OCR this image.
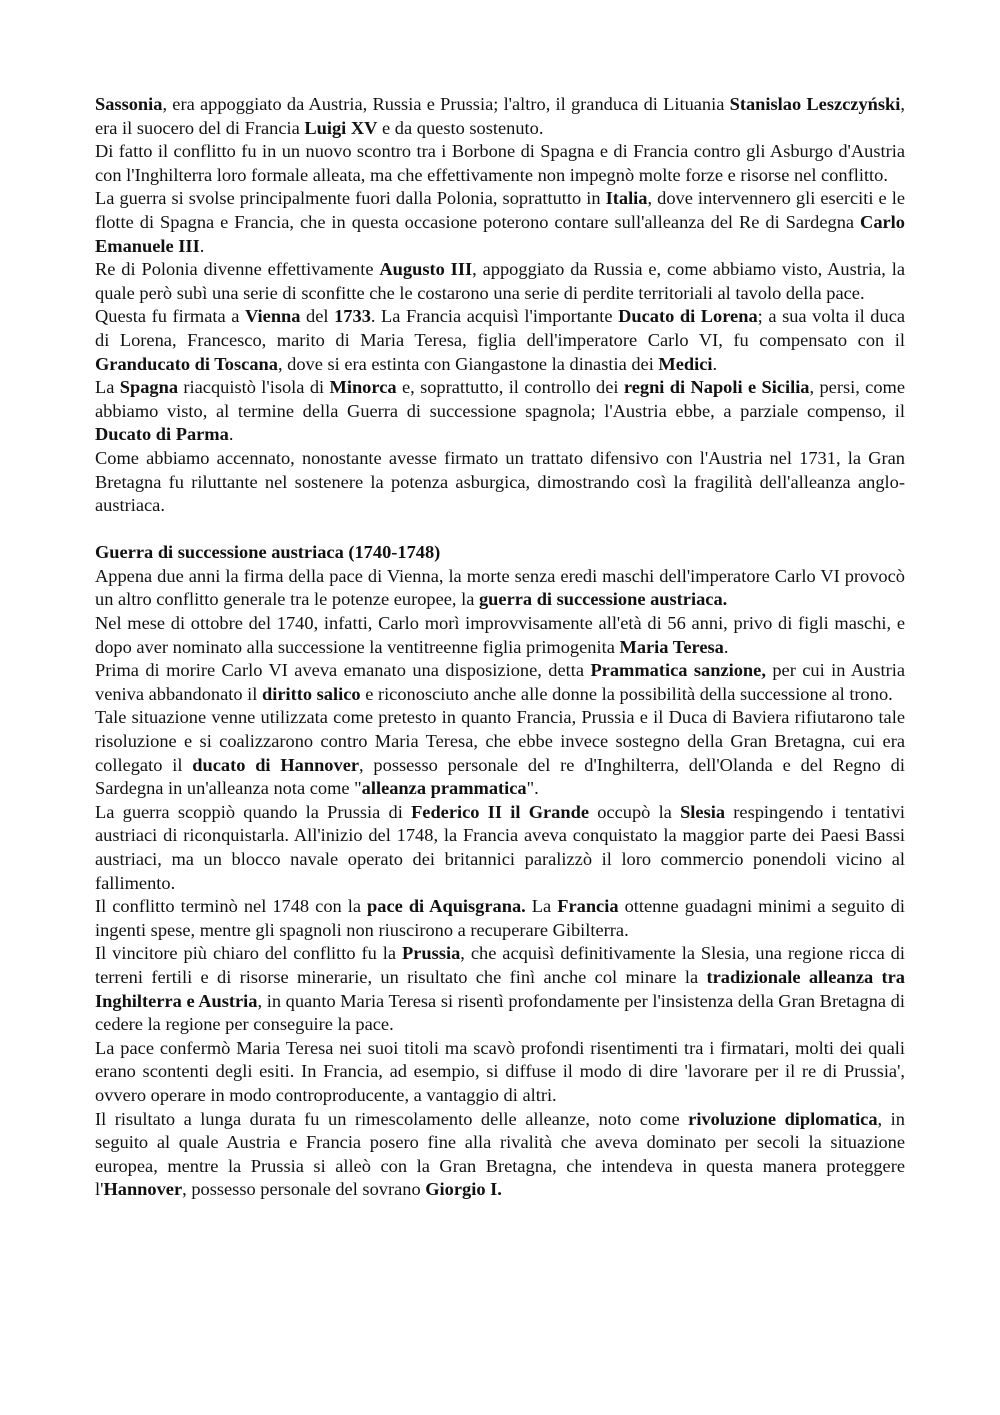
Sassonia, era appoggiato da Austria, Russia e Prussia; l'altro, il granduca di Lituania Stanislao Leszczyński, era il suocero del di Francia Luigi XV e da questo sostenuto.

Di fatto il conflitto fu in un nuovo scontro tra i Borbone di Spagna e di Francia contro gli Asburgo d'Austria con l'Inghilterra loro formale alleata, ma che effettivamente non impegnò molte forze e risorse nel conflitto.

La guerra si svolse principalmente fuori dalla Polonia, soprattutto in Italia, dove intervennero gli eserciti e le flotte di Spagna e Francia, che in questa occasione poterono contare sull'alleanza del Re di Sardegna Carlo Emanuele III.

Re di Polonia divenne effettivamente Augusto III, appoggiato da Russia e, come abbiamo visto, Austria, la quale però subì una serie di sconfitte che le costarono una serie di perdite territoriali al tavolo della pace.

Questa fu firmata a Vienna del 1733. La Francia acquisì l'importante Ducato di Lorena; a sua volta il duca di Lorena, Francesco, marito di Maria Teresa, figlia dell'imperatore Carlo VI, fu compensato con il Granducato di Toscana, dove si era estinta con Giangastone la dinastia dei Medici.

La Spagna riacquistò l'isola di Minorca e, soprattutto, il controllo dei regni di Napoli e Sicilia, persi, come abbiamo visto, al termine della Guerra di successione spagnola; l'Austria ebbe, a parziale compenso, il Ducato di Parma.

Come abbiamo accennato, nonostante avesse firmato un trattato difensivo con l'Austria nel 1731, la Gran Bretagna fu riluttante nel sostenere la potenza asburgica, dimostrando così la fragilità dell'alleanza anglo-austriaca.

Guerra di successione austriaca (1740-1748)

Appena due anni la firma della pace di Vienna, la morte senza eredi maschi dell'imperatore Carlo VI provocò un altro conflitto generale tra le potenze europee, la guerra di successione austriaca.

Nel mese di ottobre del 1740, infatti, Carlo morì improvvisamente all'età di 56 anni, privo di figli maschi, e dopo aver nominato alla successione la ventitreenne figlia primogenita Maria Teresa.

Prima di morire Carlo VI aveva emanato una disposizione, detta Prammatica sanzione, per cui in Austria veniva abbandonato il diritto salico e riconosciuto anche alle donne la possibilità della successione al trono.

Tale situazione venne utilizzata come pretesto in quanto Francia, Prussia e il Duca di Baviera rifiutarono tale risoluzione e si coalizzarono contro Maria Teresa, che ebbe invece sostegno della Gran Bretagna, cui era collegato il ducato di Hannover, possesso personale del re d'Inghilterra, dell'Olanda e del Regno di Sardegna in un'alleanza nota come "alleanza prammatica".

La guerra scoppiò quando la Prussia di Federico II il Grande occupò la Slesia respingendo i tentativi austriaci di riconquistarla. All'inizio del 1748, la Francia aveva conquistato la maggior parte dei Paesi Bassi austriaci, ma un blocco navale operato dei britannici paralizzò il loro commercio ponendoli vicino al fallimento.

Il conflitto terminò nel 1748 con la pace di Aquisgrana. La Francia ottenne guadagni minimi a seguito di ingenti spese, mentre gli spagnoli non riuscirono a recuperare Gibilterra.

Il vincitore più chiaro del conflitto fu la Prussia, che acquisì definitivamente la Slesia, una regione ricca di terreni fertili e di risorse minerarie, un risultato che finì anche col minare la tradizionale alleanza tra Inghilterra e Austria, in quanto Maria Teresa si risentì profondamente per l'insistenza della Gran Bretagna di cedere la regione per conseguire la pace.

La pace confermò Maria Teresa nei suoi titoli ma scavò profondi risentimenti tra i firmatari, molti dei quali erano scontenti degli esiti. In Francia, ad esempio, si diffuse il modo di dire 'lavorare per il re di Prussia', ovvero operare in modo controproducente, a vantaggio di altri.

Il risultato a lunga durata fu un rimescolamento delle alleanze, noto come rivoluzione diplomatica, in seguito al quale Austria e Francia posero fine alla rivalità che aveva dominato per secoli la situazione europea, mentre la Prussia si alleò con la Gran Bretagna, che intendeva in questa manera proteggere l'Hannover, possesso personale del sovrano Giorgio I.
